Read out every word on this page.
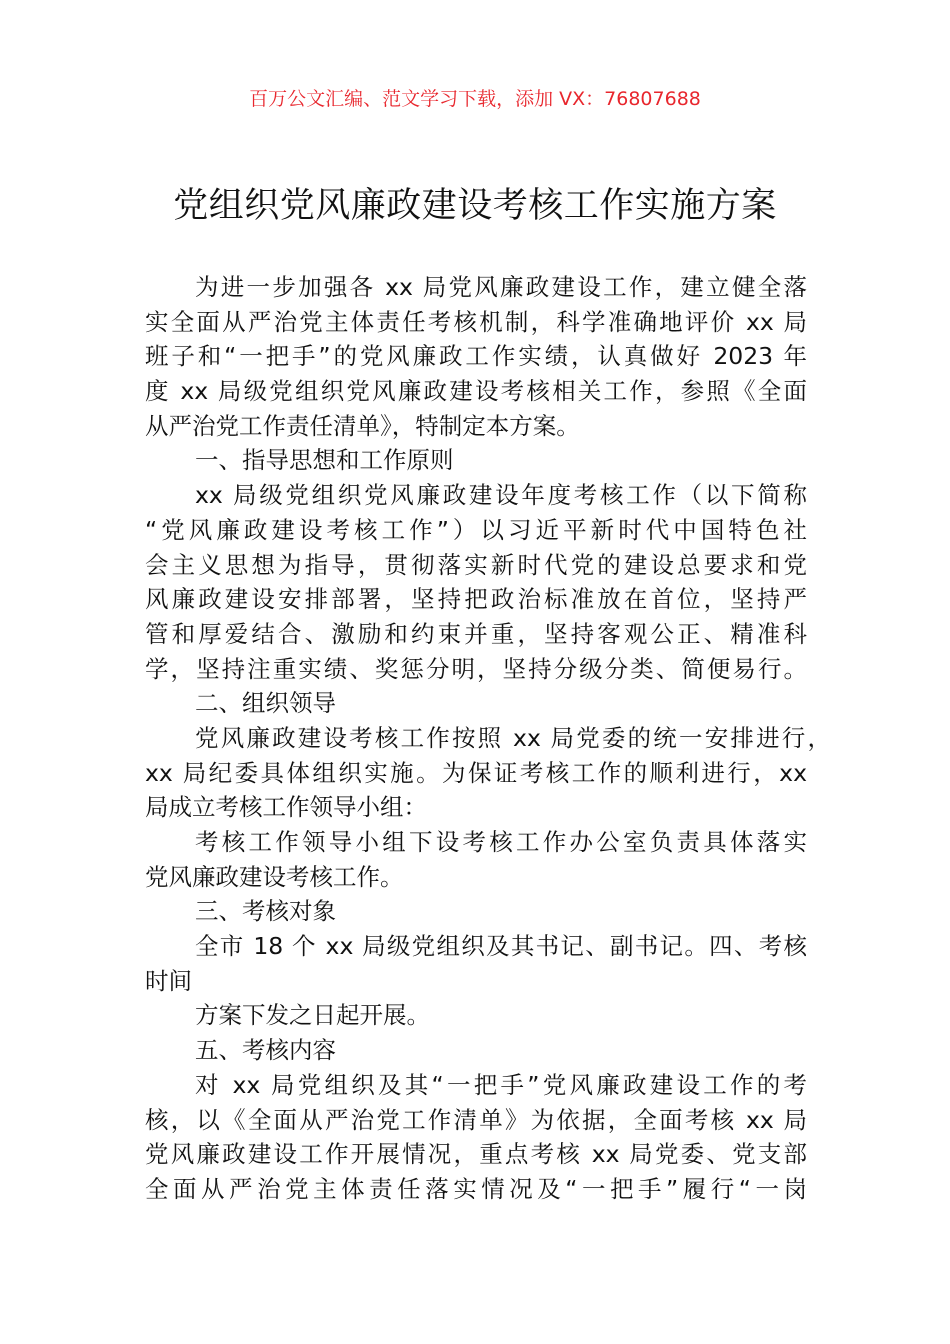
百万公文汇编、范文学习下载，添加 VX：76807688
党组织党风廉政建设考核工作实施方案
为进一步加强各 xx 局党风廉政建设工作，建立健全落
实全面从严治党主体责任考核机制，科学准确地评价 xx 局
班子和“一把手”的党风廉政工作实绩，认真做好 2023 年
度 xx 局级党组织党风廉政建设考核相关工作，参照《全面
从严治党工作责任清单》，特制定本方案。
一、指导思想和工作原则
xx 局级党组织党风廉政建设年度考核工作（以下简称
“党风廉政建设考核工作”）以习近平新时代中国特色社
会主义思想为指导，贯彻落实新时代党的建设总要求和党
风廉政建设安排部署，坚持把政治标准放在首位，坚持严
管和厚爱结合、激励和约束并重，坚持客观公正、精准科
学，坚持注重实绩、奖惩分明，坚持分级分类、简便易行。
二、组织领导
党风廉政建设考核工作按照 xx 局党委的统一安排进行，
xx 局纪委具体组织实施。为保证考核工作的顺利进行，xx
局成立考核工作领导小组：
考核工作领导小组下设考核工作办公室负责具体落实
党风廉政建设考核工作。
三、考核对象
全市 18 个 xx 局级党组织及其书记、副书记。四、考核
时间
方案下发之日起开展。
五、考核内容
对 xx 局党组织及其“一把手”党风廉政建设工作的考
核，以《全面从严治党工作清单》为依据，全面考核 xx 局
党风廉政建设工作开展情况，重点考核 xx 局党委、党支部
全面从严治党主体责任落实情况及“一把手”履行“一岗
